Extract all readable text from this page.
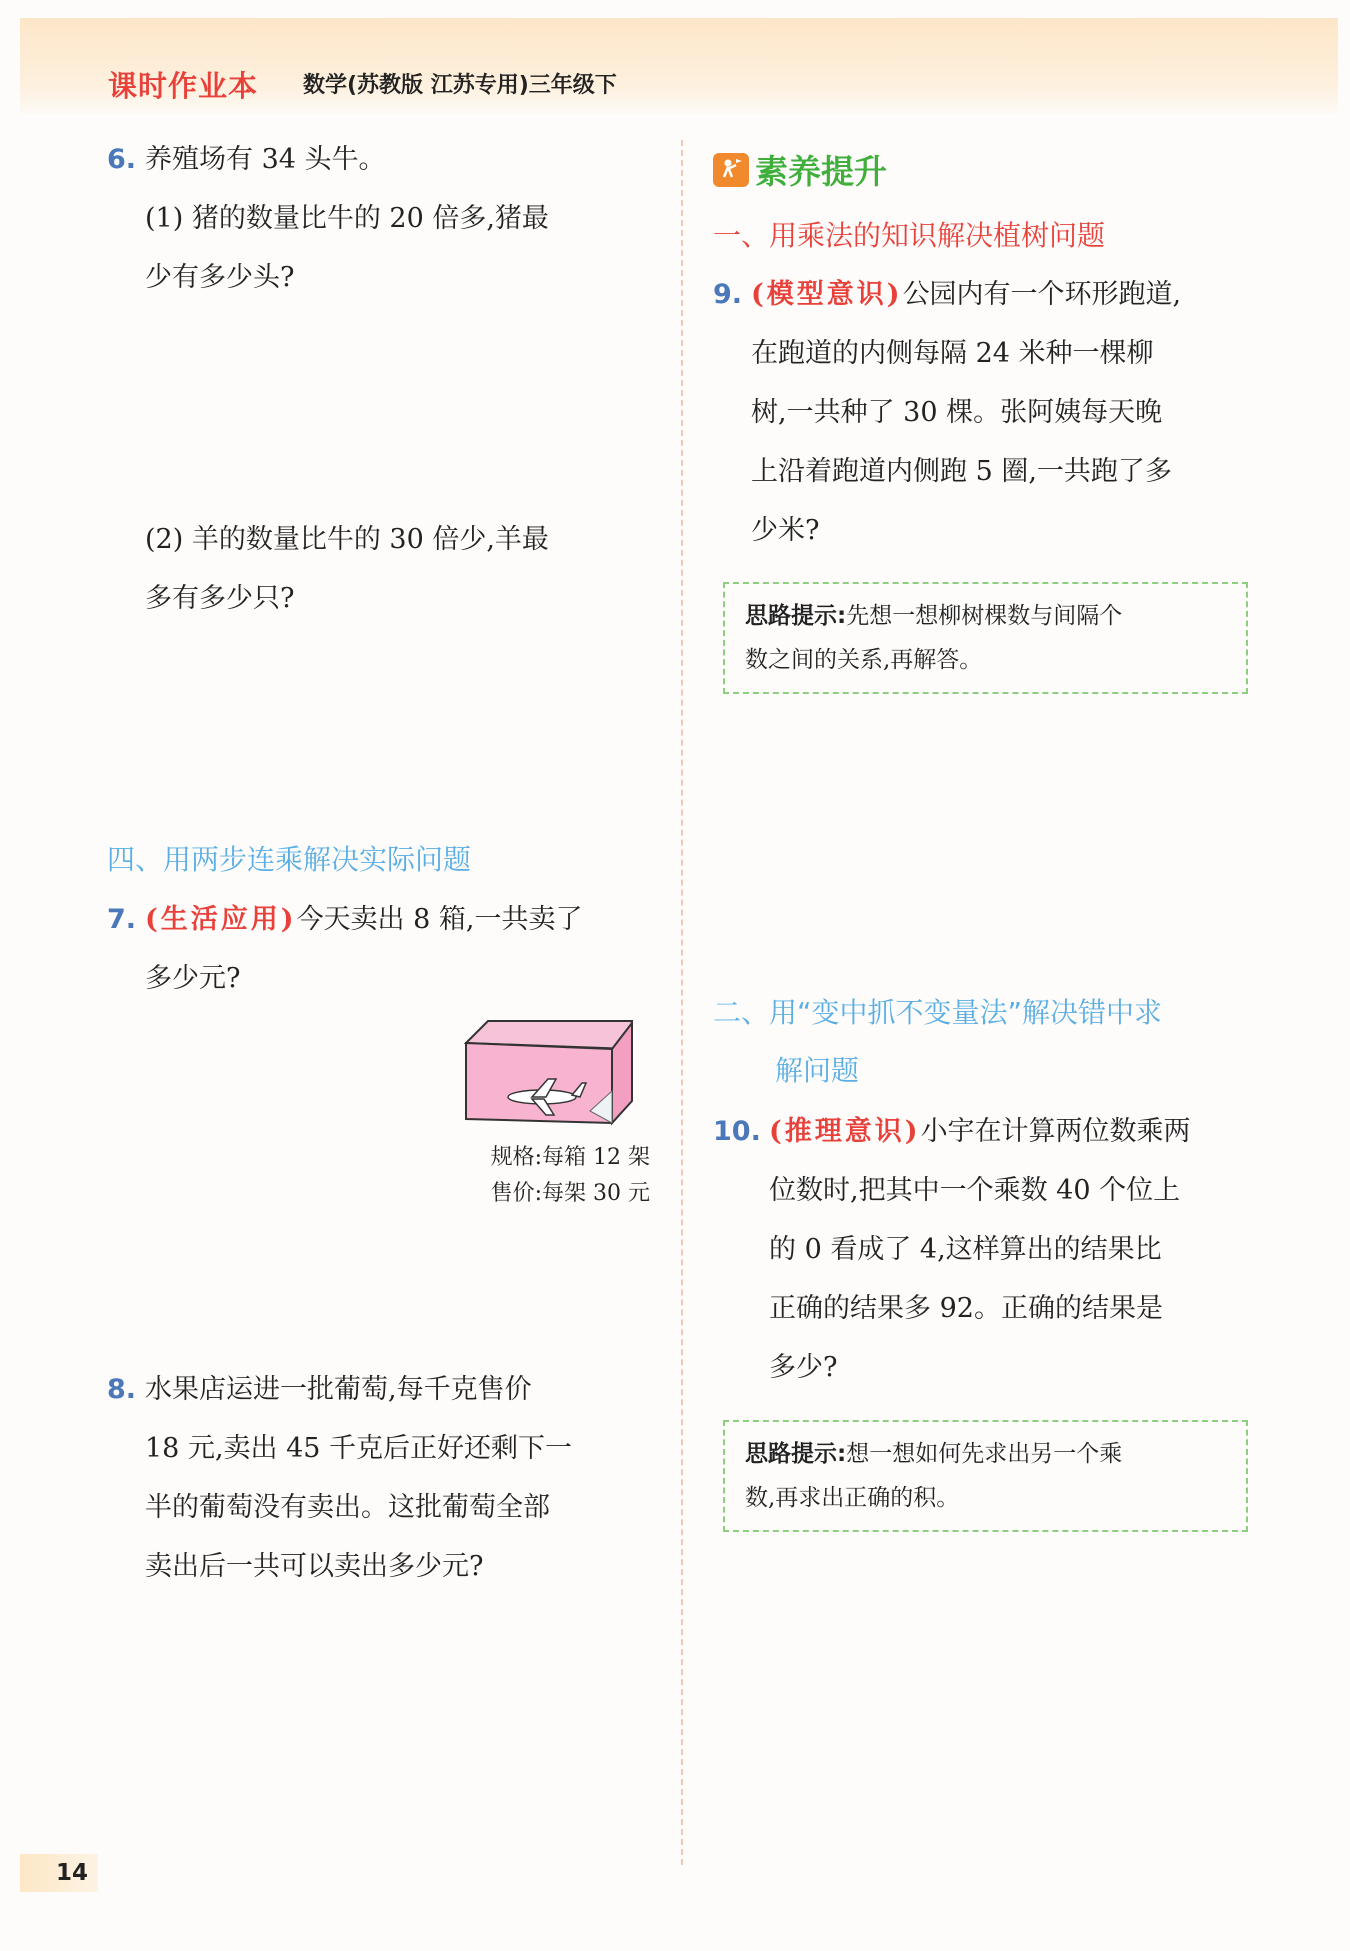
课时作业本 数学(苏教版 江苏专用)三年级下
6. 养殖场有 34 头牛。
(1) 猪的数量比牛的 20 倍多,猪最
少有多少头?
(2) 羊的数量比牛的 30 倍少,羊最
多有多少只?
四、用两步连乘解决实际问题
7. (生活应用)今天卖出 8 箱,一共卖了
多少元?
规格:每箱 12 架
售价:每架 30 元
8. 水果店运进一批葡萄,每千克售价
18 元,卖出 45 千克后正好还剩下一
半的葡萄没有卖出。这批葡萄全部
卖出后一共可以卖出多少元?
素养提升
一、用乘法的知识解决植树问题
9. (模型意识)公园内有一个环形跑道,
在跑道的内侧每隔 24 米种一棵柳
树,一共种了 30 棵。张阿姨每天晚
上沿着跑道内侧跑 5 圈,一共跑了多
少米?
思路提示:先想一想柳树棵数与间隔个
数之间的关系,再解答。
二、用“变中抓不变量法”解决错中求
解问题
10. (推理意识)小宇在计算两位数乘两
位数时,把其中一个乘数 40 个位上
的 0 看成了 4,这样算出的结果比
正确的结果多 92。正确的结果是
多少?
思路提示:想一想如何先求出另一个乘
数,再求出正确的积。
14
